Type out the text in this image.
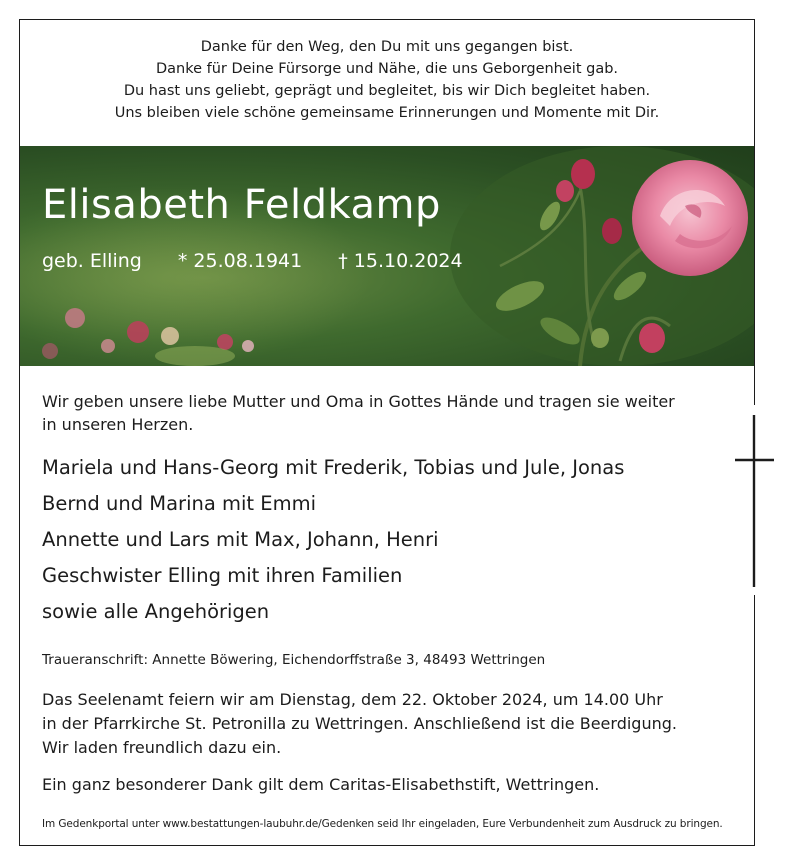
Danke für den Weg, den Du mit uns gegangen bist.
Danke für Deine Fürsorge und Nähe, die uns Geborgenheit gab.
Du hast uns geliebt, geprägt und begleitet, bis wir Dich begleitet haben.
Uns bleiben viele schöne gemeinsame Erinnerungen und Momente mit Dir.
Elisabeth Feldkamp
geb. Elling * 25.08.1941 † 15.10.2024
Wir geben unsere liebe Mutter und Oma in Gottes Hände und tragen sie weiter
in unseren Herzen.
Mariela und Hans-Georg mit Frederik, Tobias und Jule, Jonas
Bernd und Marina mit Emmi
Annette und Lars mit Max, Johann, Henri
Geschwister Elling mit ihren Familien
sowie alle Angehörigen
Traueranschrift: Annette Böwering, Eichendorffstraße 3, 48493 Wettringen
Das Seelenamt feiern wir am Dienstag, dem 22. Oktober 2024, um 14.00 Uhr
in der Pfarrkirche St. Petronilla zu Wettringen. Anschließend ist die Beerdigung.
Wir laden freundlich dazu ein.
Ein ganz besonderer Dank gilt dem Caritas-Elisabethstift, Wettringen.
Im Gedenkportal unter www.bestattungen-laubuhr.de/Gedenken seid Ihr eingeladen, Eure Verbundenheit zum Ausdruck zu bringen.
